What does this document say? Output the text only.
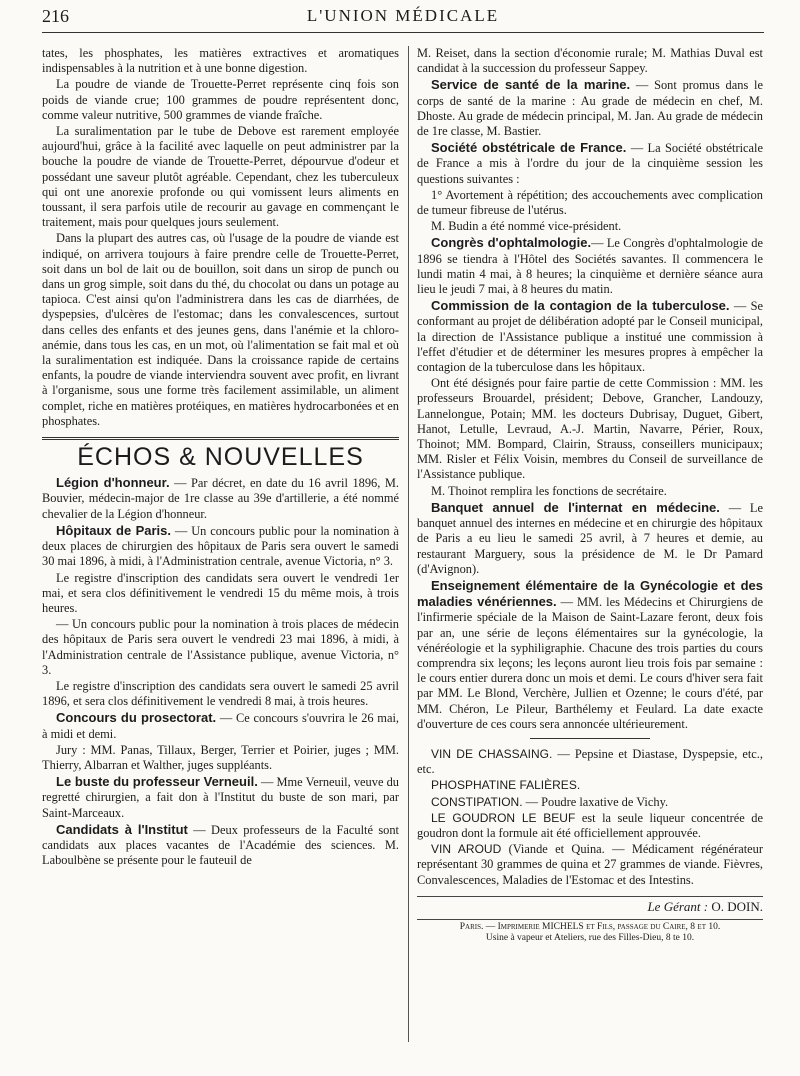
216	L'UNION MÉDICALE

tates, les phosphates, les matières extractives et aromatiques indispensables à la nutrition et à une bonne digestion.

La poudre de viande de Trouette-Perret représente cinq fois son poids de viande crue; 100 grammes de poudre représentent donc, comme valeur nutritive, 500 grammes de viande fraîche.

La suralimentation par le tube de Debove est rarement employée aujourd'hui, grâce à la facilité avec laquelle on peut administrer par la bouche la poudre de viande de Trouette-Perret, dépourvue d'odeur et possédant une saveur plutôt agréable. Cependant, chez les tuberculeux qui ont une anorexie profonde ou qui vomissent leurs aliments en toussant, il sera parfois utile de recourir au gavage en commençant le traitement, mais pour quelques jours seulement.

Dans la plupart des autres cas, où l'usage de la poudre de viande est indiqué, on arrivera toujours à faire prendre celle de Trouette-Perret, soit dans un bol de lait ou de bouillon, soit dans un sirop de punch ou dans un grog simple, soit dans du thé, du chocolat ou dans un potage au tapioca. C'est ainsi qu'on l'administrera dans les cas de diarrhées, de dyspepsies, d'ulcères de l'estomac; dans les convalescences, surtout dans celles des enfants et des jeunes gens, dans l'anémie et la chloro-anémie, dans tous les cas, en un mot, où l'alimentation se fait mal et où la suralimentation est indiquée. Dans la croissance rapide de certains enfants, la poudre de viande interviendra souvent avec profit, en livrant à l'organisme, sous une forme très facilement assimilable, un aliment complet, riche en matières protéiques, en matières hydrocarbonées et en phosphates.

ÉCHOS & NOUVELLES

Légion d'honneur. — Par décret, en date du 16 avril 1896, M. Bouvier, médecin-major de 1re classe au 39e d'artillerie, a été nommé chevalier de la Légion d'honneur.

Hôpitaux de Paris. — Un concours public pour la nomination à deux places de chirurgien des hôpitaux de Paris sera ouvert le samedi 30 mai 1896, à midi, à l'Administration centrale, avenue Victoria, n° 3.

Le registre d'inscription des candidats sera ouvert le vendredi 1er mai, et sera clos définitivement le vendredi 15 du même mois, à trois heures.

— Un concours public pour la nomination à trois places de médecin des hôpitaux de Paris sera ouvert le vendredi 23 mai 1896, à midi, à l'Administration centrale de l'Assistance publique, avenue Victoria, n° 3.

Le registre d'inscription des candidats sera ouvert le samedi 25 avril 1896, et sera clos définitivement le vendredi 8 mai, à trois heures.

Concours du prosectorat. — Ce concours s'ouvrira le 26 mai, à midi et demi.

Jury : MM. Panas, Tillaux, Berger, Terrier et Poirier, juges ; MM. Thierry, Albarran et Walther, juges suppléants.

Le buste du professeur Verneuil. — Mme Verneuil, veuve du regretté chirurgien, a fait don à l'Institut du buste de son mari, par Saint-Marceaux.

Candidats à l'Institut — Deux professeurs de la Faculté sont candidats aux places vacantes de l'Académie des sciences. M. Laboulbène se présente pour le fauteuil de

M. Reiset, dans la section d'économie rurale; M. Mathias Duval est candidat à la succession du professeur Sappey.

Service de santé de la marine. — Sont promus dans le corps de santé de la marine : Au grade de médecin en chef, M. Dhoste. Au grade de médecin principal, M. Jan. Au grade de médecin de 1re classe, M. Bastier.

Société obstétricale de France. — La Société obstétricale de France a mis à l'ordre du jour de la cinquième session les questions suivantes :

1° Avortement à répétition; des accouchements avec complication de tumeur fibreuse de l'utérus.

M. Budin a été nommé vice-président.

Congrès d'ophtalmologie.— Le Congrès d'ophtalmologie de 1896 se tiendra à l'Hôtel des Sociétés savantes. Il commencera le lundi matin 4 mai, à 8 heures; la cinquième et dernière séance aura lieu le jeudi 7 mai, à 8 heures du matin.

Commission de la contagion de la tuberculose. — Se conformant au projet de délibération adopté par le Conseil municipal, la direction de l'Assistance publique a institué une commission à l'effet d'étudier et de déterminer les mesures propres à empêcher la contagion de la tuberculose dans les hôpitaux.

Ont été désignés pour faire partie de cette Commission : MM. les professeurs Brouardel, président; Debove, Grancher, Landouzy, Lannelongue, Potain; MM. les docteurs Dubrisay, Duguet, Gibert, Hanot, Letulle, Levraud, A.-J. Martin, Navarre, Périer, Roux, Thoinot; MM. Bompard, Clairin, Strauss, conseillers municipaux; MM. Risler et Félix Voisin, membres du Conseil de surveillance de l'Assistance publique.

M. Thoinot remplira les fonctions de secrétaire.

Banquet annuel de l'internat en médecine. — Le banquet annuel des internes en médecine et en chirurgie des hôpitaux de Paris a eu lieu le samedi 25 avril, à 7 heures et demie, au restaurant Marguery, sous la présidence de M. le Dr Pamard (d'Avignon).

Enseignement élémentaire de la Gynécologie et des maladies vénériennes. — MM. les Médecins et Chirurgiens de l'infirmerie spéciale de la Maison de Saint-Lazare feront, deux fois par an, une série de leçons élémentaires sur la gynécologie, la vénéréologie et la syphiligraphie. Chacune des trois parties du cours comprendra six leçons; les leçons auront lieu trois fois par semaine : le cours entier durera donc un mois et demi. Le cours d'hiver sera fait par MM. Le Blond, Verchère, Jullien et Ozenne; le cours d'été, par MM. Chéron, Le Pileur, Barthélemy et Feulard. La date exacte d'ouverture de ces cours sera annoncée ultérieurement.

VIN DE CHASSAING. — Pepsine et Diastase, Dyspepsie, etc., etc.

PHOSPHATINE FALIÈRES.

CONSTIPATION. — Poudre laxative de Vichy.

LE GOUDRON LE BEUF est la seule liqueur concentrée de goudron dont la formule ait été officiellement approuvée.

VIN AROUD (Viande et Quina. — Médicament régénérateur représentant 30 grammes de quina et 27 grammes de viande. Fièvres, Convalescences, Maladies de l'Estomac et des Intestins.

Le Gérant : O. DOIN.

Paris. — Imprimerie MICHELS et Fils, passage du Caire, 8 et 10.
Usine à vapeur et Ateliers, rue des Filles-Dieu, 8 te 10.
